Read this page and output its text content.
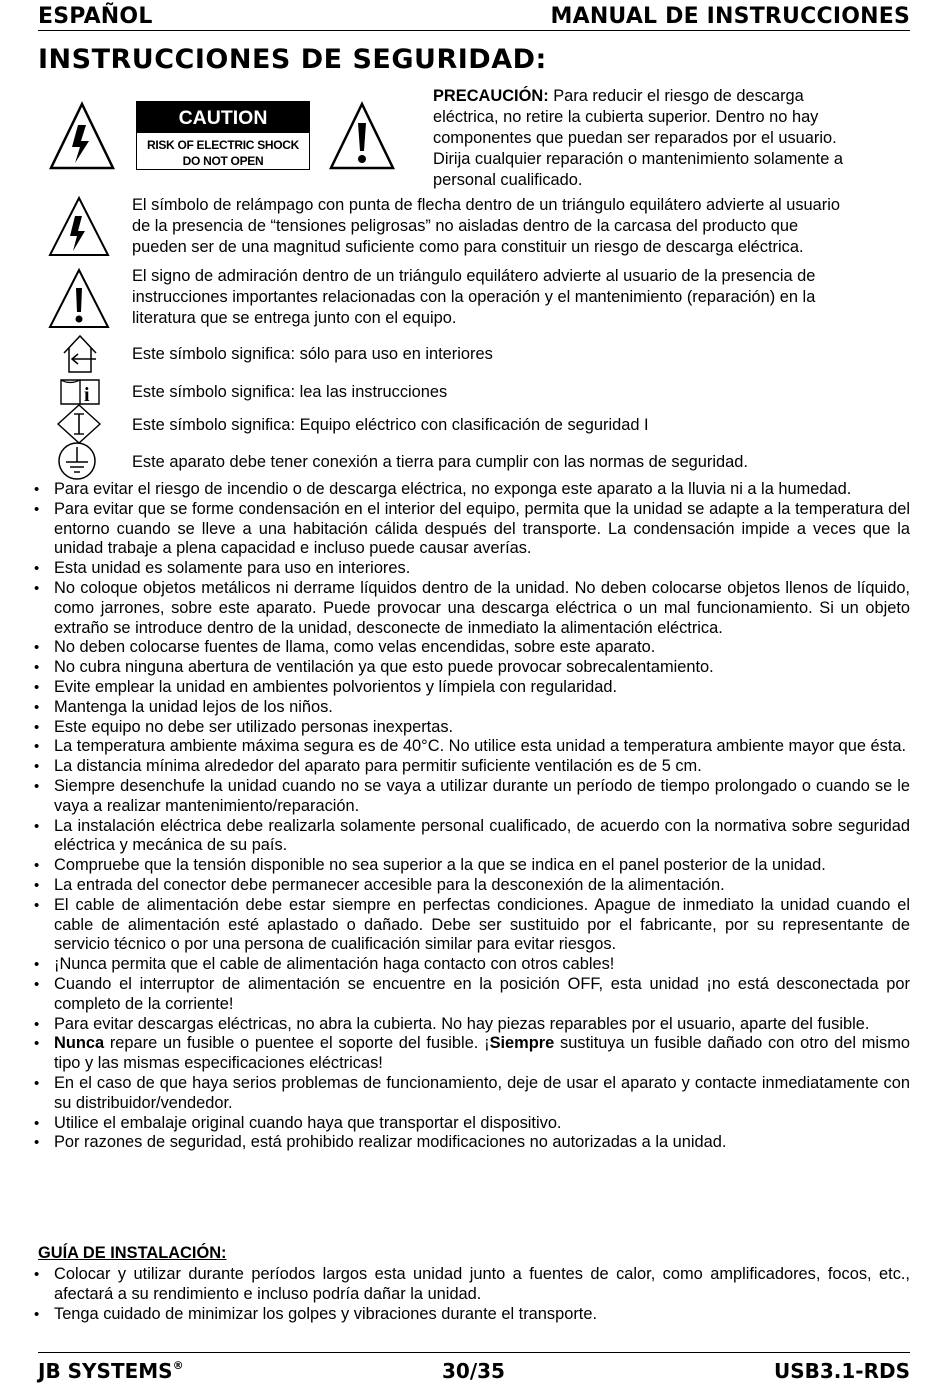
ESPAÑOL	MANUAL DE INSTRUCCIONES
INSTRUCCIONES DE SEGURIDAD:
CAUTION
RISK OF ELECTRIC SHOCK
DO NOT OPEN
PRECAUCIÓN: Para reducir el riesgo de descarga
eléctrica, no retire la cubierta superior. Dentro no hay
componentes que puedan ser reparados por el usuario.
Dirija cualquier reparación o mantenimiento solamente a
personal cualificado.
El símbolo de relámpago con punta de flecha dentro de un triángulo equilátero advierte al usuario
de la presencia de “tensiones peligrosas” no aisladas dentro de la carcasa del producto que
pueden ser de una magnitud suficiente como para constituir un riesgo de descarga eléctrica.
El signo de admiración dentro de un triángulo equilátero advierte al usuario de la presencia de
instrucciones importantes relacionadas con la operación y el mantenimiento (reparación) en la
literatura que se entrega junto con el equipo.
Este símbolo significa: sólo para uso en interiores
i	Este símbolo significa: lea las instrucciones
Este símbolo significa: Equipo eléctrico con clasificación de seguridad I
Este aparato debe tener conexión a tierra para cumplir con las normas de seguridad.
• Para evitar el riesgo de incendio o de descarga eléctrica, no exponga este aparato a la lluvia ni a la humedad.
• Para evitar que se forme condensación en el interior del equipo, permita que la unidad se adapte a la temperatura del entorno cuando se lleve a una habitación cálida después del transporte. La condensación impide a veces que la unidad trabaje a plena capacidad e incluso puede causar averías.
• Esta unidad es solamente para uso en interiores.
• No coloque objetos metálicos ni derrame líquidos dentro de la unidad. No deben colocarse objetos llenos de líquido, como jarrones, sobre este aparato. Puede provocar una descarga eléctrica o un mal funcionamiento. Si un objeto extraño se introduce dentro de la unidad, desconecte de inmediato la alimentación eléctrica.
• No deben colocarse fuentes de llama, como velas encendidas, sobre este aparato.
• No cubra ninguna abertura de ventilación ya que esto puede provocar sobrecalentamiento.
• Evite emplear la unidad en ambientes polvorientos y límpiela con regularidad.
• Mantenga la unidad lejos de los niños.
• Este equipo no debe ser utilizado personas inexpertas.
• La temperatura ambiente máxima segura es de 40°C. No utilice esta unidad a temperatura ambiente mayor que ésta.
• La distancia mínima alrededor del aparato para permitir suficiente ventilación es de 5 cm.
• Siempre desenchufe la unidad cuando no se vaya a utilizar durante un período de tiempo prolongado o cuando se le vaya a realizar mantenimiento/reparación.
• La instalación eléctrica debe realizarla solamente personal cualificado, de acuerdo con la normativa sobre seguridad eléctrica y mecánica de su país.
• Compruebe que la tensión disponible no sea superior a la que se indica en el panel posterior de la unidad.
• La entrada del conector debe permanecer accesible para la desconexión de la alimentación.
• El cable de alimentación debe estar siempre en perfectas condiciones. Apague de inmediato la unidad cuando el cable de alimentación esté aplastado o dañado. Debe ser sustituido por el fabricante, por su representante de servicio técnico o por una persona de cualificación similar para evitar riesgos.
• ¡Nunca permita que el cable de alimentación haga contacto con otros cables!
• Cuando el interruptor de alimentación se encuentre en la posición OFF, esta unidad ¡no está desconectada por completo de la corriente!
• Para evitar descargas eléctricas, no abra la cubierta. No hay piezas reparables por el usuario, aparte del fusible.
• Nunca repare un fusible o puentee el soporte del fusible. ¡Siempre sustituya un fusible dañado con otro del mismo tipo y las mismas especificaciones eléctricas!
• En el caso de que haya serios problemas de funcionamiento, deje de usar el aparato y contacte inmediatamente con su distribuidor/vendedor.
• Utilice el embalaje original cuando haya que transportar el dispositivo.
• Por razones de seguridad, está prohibido realizar modificaciones no autorizadas a la unidad.
GUÍA DE INSTALACIÓN:
• Colocar y utilizar durante períodos largos esta unidad junto a fuentes de calor, como amplificadores, focos, etc., afectará a su rendimiento e incluso podría dañar la unidad.
• Tenga cuidado de minimizar los golpes y vibraciones durante el transporte.
JB SYSTEMS®	30/35	USB3.1-RDS
